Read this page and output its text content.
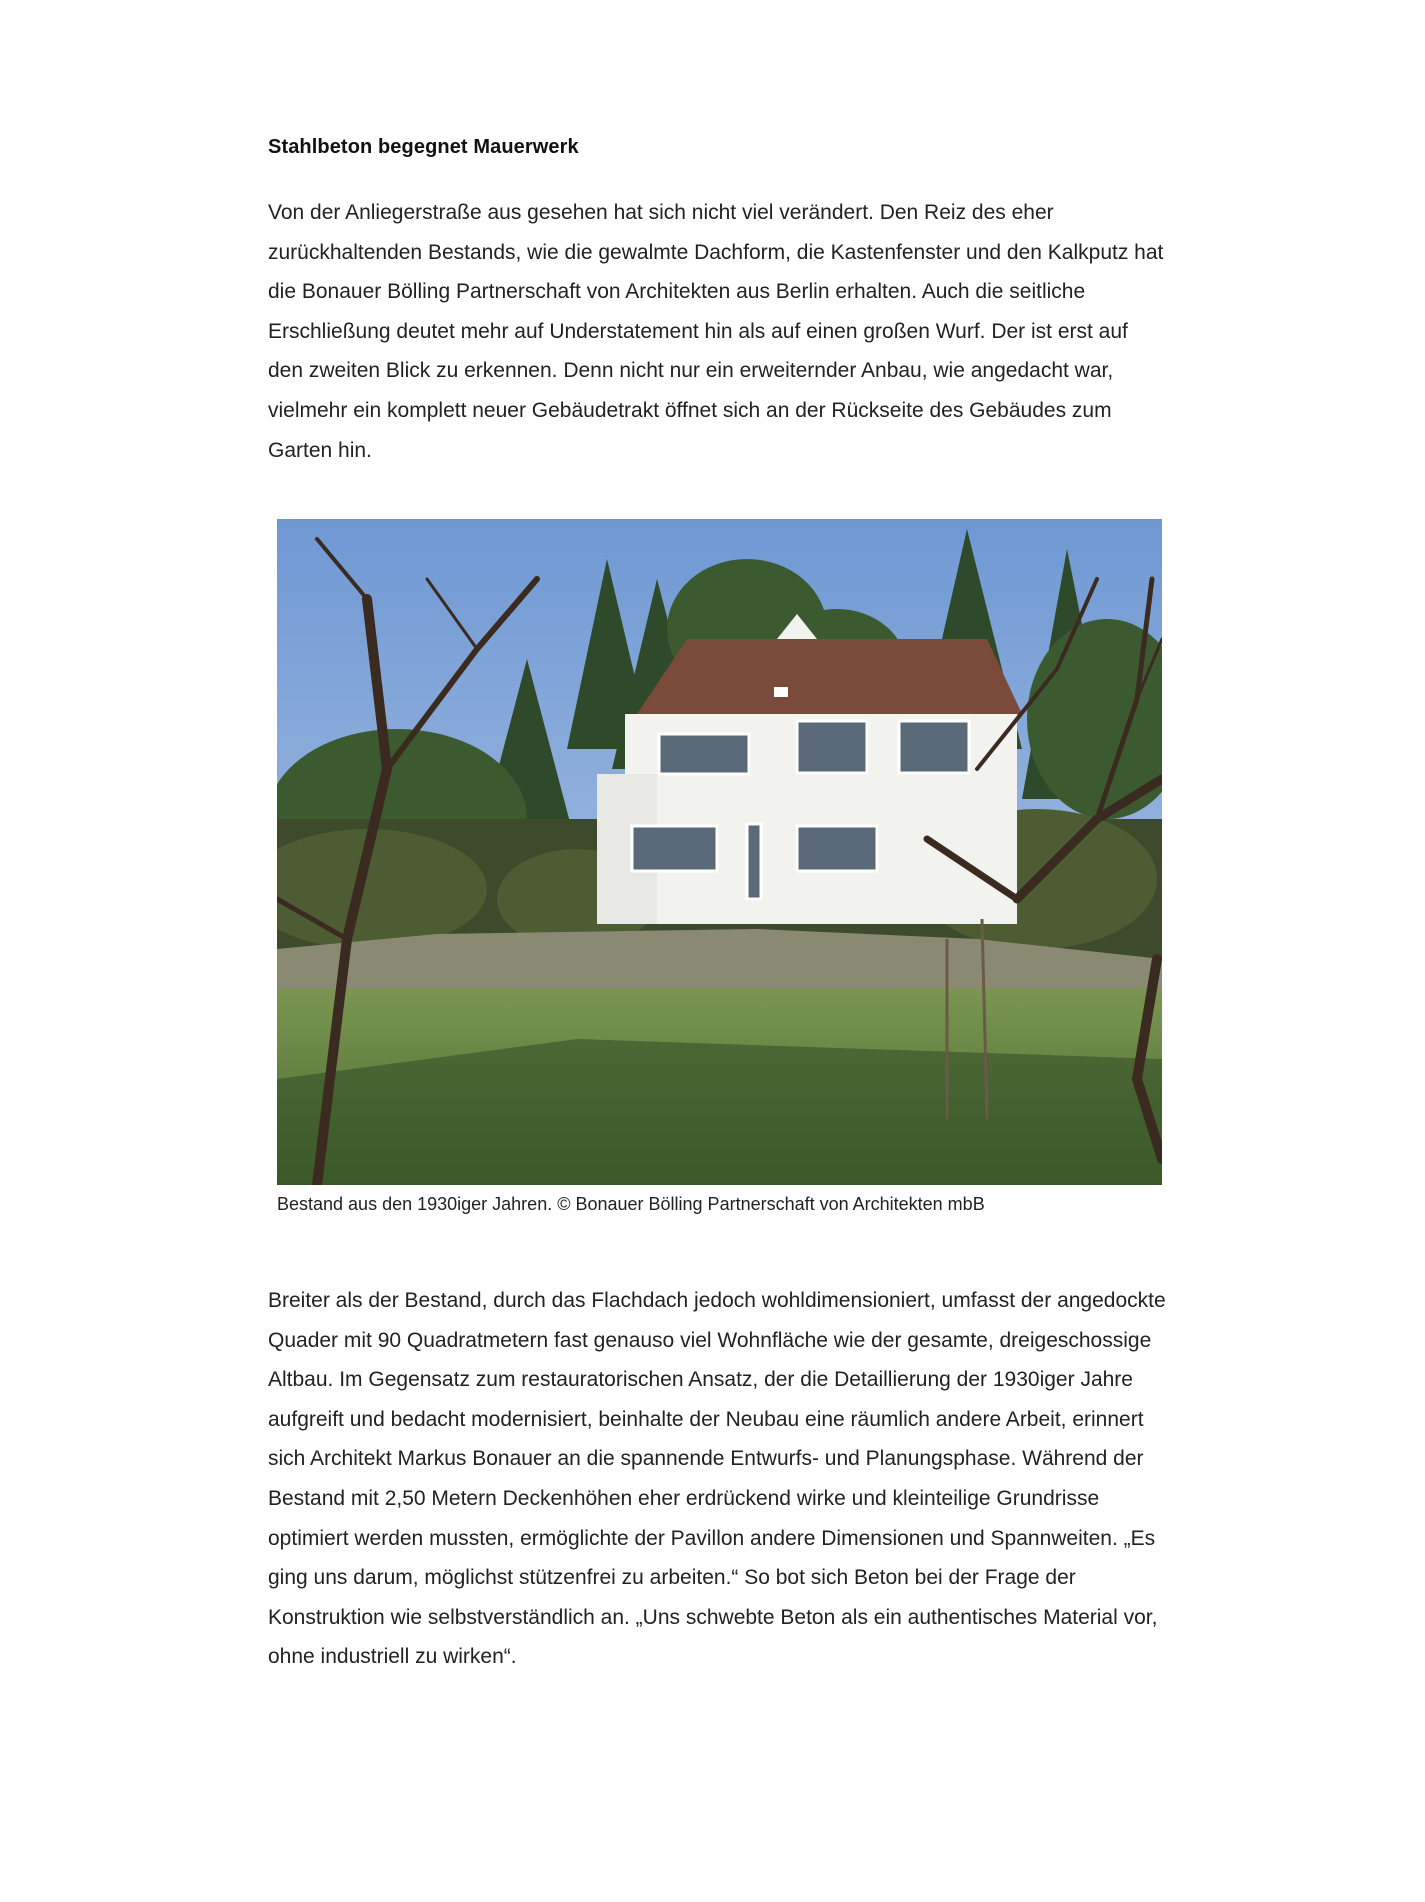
Stahlbeton begegnet Mauerwerk

Von der Anliegerstraße aus gesehen hat sich nicht viel verändert. Den Reiz des eher zurückhaltenden Bestands, wie die gewalmte Dachform, die Kastenfenster und den Kalkputz hat die Bonauer Bölling Partnerschaft von Architekten aus Berlin erhalten. Auch die seitliche Erschließung deutet mehr auf Understatement hin als auf einen großen Wurf. Der ist erst auf den zweiten Blick zu erkennen. Denn nicht nur ein erweiternder Anbau, wie angedacht war, vielmehr ein komplett neuer Gebäudetrakt öffnet sich an der Rückseite des Gebäudes zum Garten hin.

Bestand aus den 1930iger Jahren. © Bonauer Bölling Partnerschaft von Architekten mbB

Breiter als der Bestand, durch das Flachdach jedoch wohldimensioniert, umfasst der angedockte Quader mit 90 Quadratmetern fast genauso viel Wohnfläche wie der gesamte, dreigeschossige Altbau. Im Gegensatz zum restauratorischen Ansatz, der die Detaillierung der 1930iger Jahre aufgreift und bedacht modernisiert, beinhalte der Neubau eine räumlich andere Arbeit, erinnert sich Architekt Markus Bonauer an die spannende Entwurfs- und Planungsphase. Während der Bestand mit 2,50 Metern Deckenhöhen eher erdrückend wirke und kleinteilige Grundrisse optimiert werden mussten, ermöglichte der Pavillon andere Dimensionen und Spannweiten. „Es ging uns darum, möglichst stützenfrei zu arbeiten.“ So bot sich Beton bei der Frage der Konstruktion wie selbstverständlich an. „Uns schwebte Beton als ein authentisches Material vor, ohne industriell zu wirken“.
